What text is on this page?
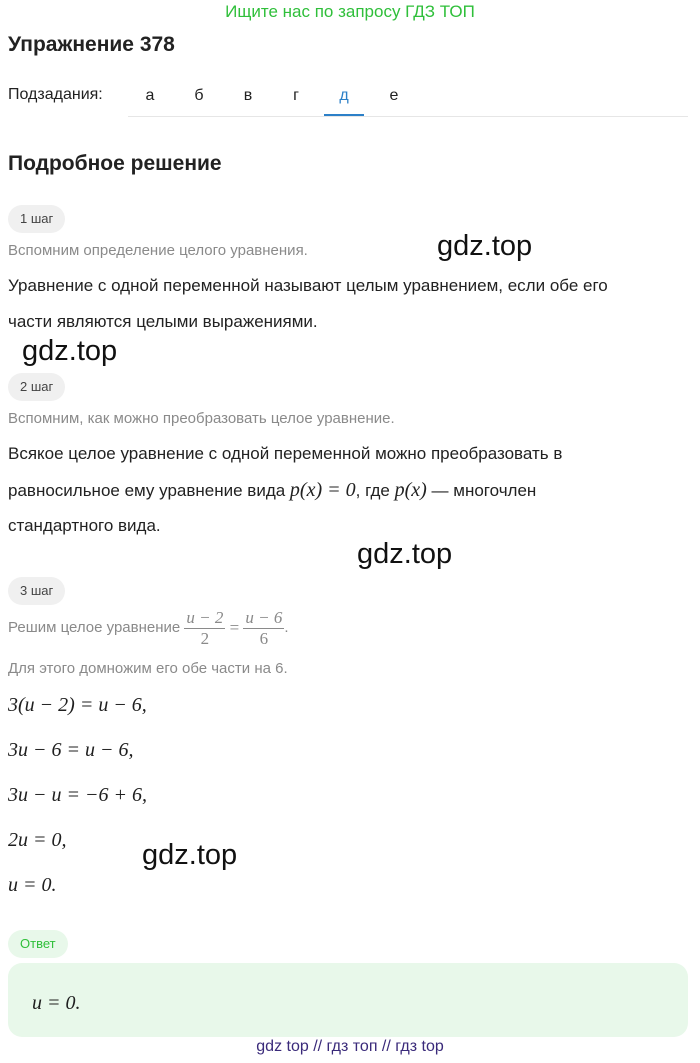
Ищите нас по запросу ГДЗ ТОП
Упражнение 378
Подзадания:	а	б	в	г	д	е
Подробное решение
1 шаг
Вспомним определение целого уравнения.
Уравнение с одной переменной называют целым уравнением, если обе его
части являются целыми выражениями.
2 шаг
Вспомним, как можно преобразовать целое уравнение.
Всякое целое уравнение с одной переменной можно преобразовать в
равносильное ему уравнение вида p(x) = 0, где p(x) — многочлен
стандартного вида.
3 шаг
Решим целое уравнение $\frac{u - 2}{2} = \frac{u - 6}{6}$ .
Для этого домножим его обе части на 6.
3(u − 2) = u − 6,
3u − 6 = u − 6,
3u − u = −6 + 6,
2u = 0,
u = 0.
gdz.top
gdz.top
gdz.top
gdz.top
Ответ
u = 0.
gdz top // гдз топ // гдз top
